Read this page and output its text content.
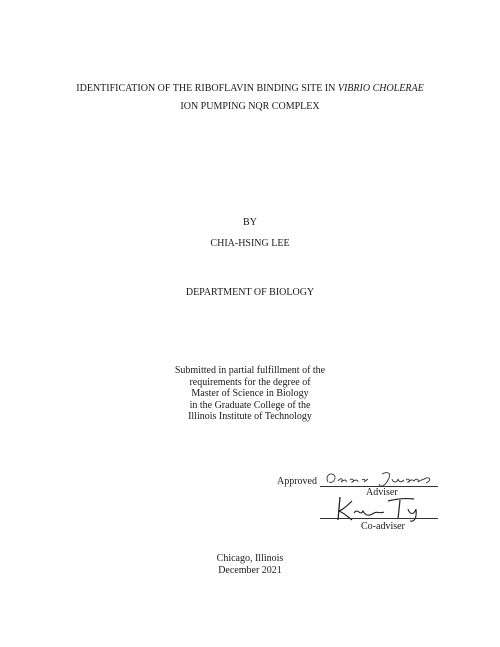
IDENTIFICATION OF THE RIBOFLAVIN BINDING SITE IN VIBRIO CHOLERAE
ION PUMPING NQR COMPLEX
BY
CHIA-HSING LEE
DEPARTMENT OF BIOLOGY
Submitted in partial fulfillment of the
requirements for the degree of
Master of Science in Biology
in the Graduate College of the
Illinois Institute of Technology
Approved
Adviser
Co-adviser
Chicago, Illinois
December 2021
